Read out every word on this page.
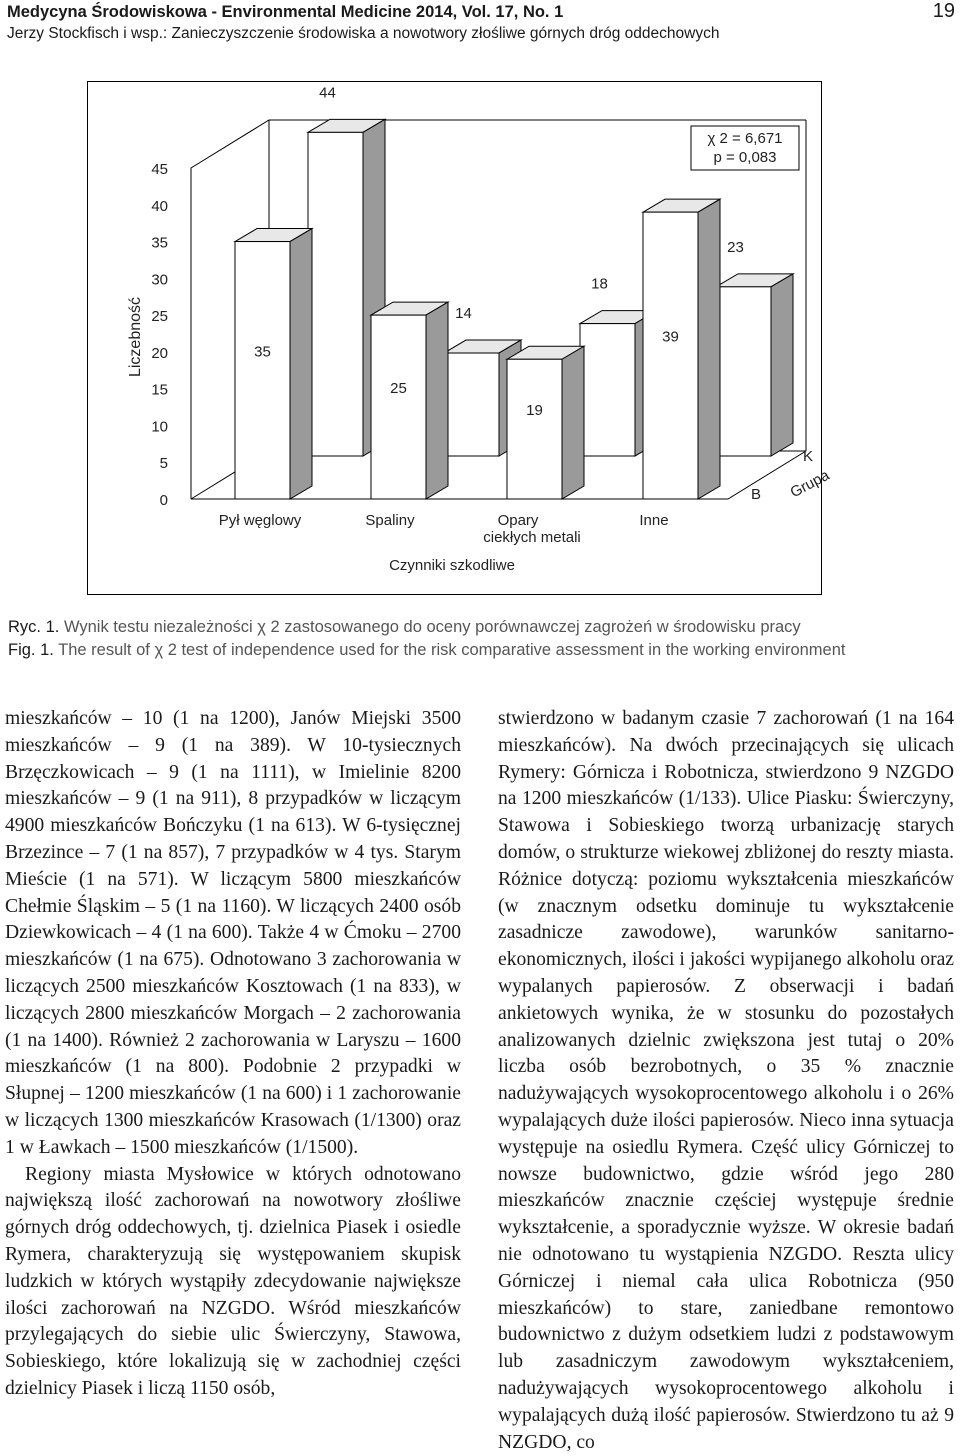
Medycyna Środowiskowa - Environmental Medicine 2014, Vol. 17, No. 1
Jerzy Stockfisch i wsp.: Zanieczyszczenie środowiska a nowotwory złośliwe górnych dróg oddechowych
19
0
5
10
15
20
25
30
35
40
45
Liczebność
44
14
18
23
35
25
19
39
Pył węglowy	Spaliny	Opary
ciekłych metali
Inne
Czynniki szkodliwe
B
K
Grupa
χ 2 = 6,671
p = 0,083
Ryc. 1. Wynik testu niezależności χ 2 zastosowanego do oceny porównawczej zagrożeń w środowisku pracy
Fig. 1. The result of χ 2 test of independence used for the risk comparative assessment in the working environment

mieszkańców – 10 (1 na 1200), Janów Miejski 3500 mieszkańców – 9 (1 na 389). W 10-tysiecznych Brzęczkowicach – 9 (1 na 1111), w Imielinie 8200 mieszkańców – 9 (1 na 911), 8 przypadków w liczącym 4900 mieszkańców Bończyku (1 na 613). W 6-tysięcznej Brzezince – 7 (1 na 857), 7 przypadków w 4 tys. Starym Mieście (1 na 571). W liczącym 5800 mieszkańców Chełmie Śląskim – 5 (1 na 1160). W liczących 2400 osób Dziewkowicach – 4 (1 na 600). Także 4 w Ćmoku – 2700 mieszkańców (1 na 675). Odnotowano 3 zachorowania w liczących 2500 mieszkańców Kosztowach (1 na 833), w liczących 2800 mieszkańców Morgach – 2 zachorowania (1 na 1400). Również 2 zachorowania w Laryszu – 1600 mieszkańców (1 na 800). Podobnie 2 przypadki w Słupnej – 1200 mieszkańców (1 na 600) i 1 zachorowanie w liczących 1300 mieszkańców Krasowach (1/1300) oraz 1 w Ławkach – 1500 mieszkańców (1/1500).

Regiony miasta Mysłowice w których odnotowano największą ilość zachorowań na nowotwory złośliwe górnych dróg oddechowych, tj. dzielnica Piasek i osiedle Rymera, charakteryzują się występowaniem skupisk ludzkich w których wystąpiły zdecydowanie największe ilości zachorowań na NZGDO. Wśród mieszkańców przylegających do siebie ulic Świerczyny, Stawowa, Sobieskiego, które lokalizują się w zachodniej części dzielnicy Piasek i liczą 1150 osób,

stwierdzono w badanym czasie 7 zachorowań (1 na 164 mieszkańców). Na dwóch przecinających się ulicach Rymery: Górnicza i Robotnicza, stwierdzono 9 NZGDO na 1200 mieszkańców (1/133). Ulice Piasku: Świerczyny, Stawowa i Sobieskiego tworzą urbanizację starych domów, o strukturze wiekowej zbliżonej do reszty miasta. Różnice dotyczą: poziomu wykształcenia mieszkańców (w znacznym odsetku dominuje tu wykształcenie zasadnicze zawodowe), warunków sanitarno-ekonomicznych, ilości i jakości wypijanego alkoholu oraz wypalanych papierosów. Z obserwacji i badań ankietowych wynika, że w stosunku do pozostałych analizowanych dzielnic zwiększona jest tutaj o 20% liczba osób bezrobotnych, o 35 % znacznie nadużywających wysokoprocentowego alkoholu i o 26% wypalających duże ilości papierosów. Nieco inna sytuacja występuje na osiedlu Rymera. Część ulicy Górniczej to nowsze budownictwo, gdzie wśród jego 280 mieszkańców znacznie częściej występuje średnie wykształcenie, a sporadycznie wyższe. W okresie badań nie odnotowano tu wystąpienia NZGDO. Reszta ulicy Górniczej i niemal cała ulica Robotnicza (950 mieszkańców) to stare, zaniedbane remontowo budownictwo z dużym odsetkiem ludzi z podstawowym lub zasadniczym zawodowym wykształceniem, nadużywających wysokoprocentowego alkoholu i wypalających dużą ilość papierosów. Stwierdzono tu aż 9 NZGDO, co
